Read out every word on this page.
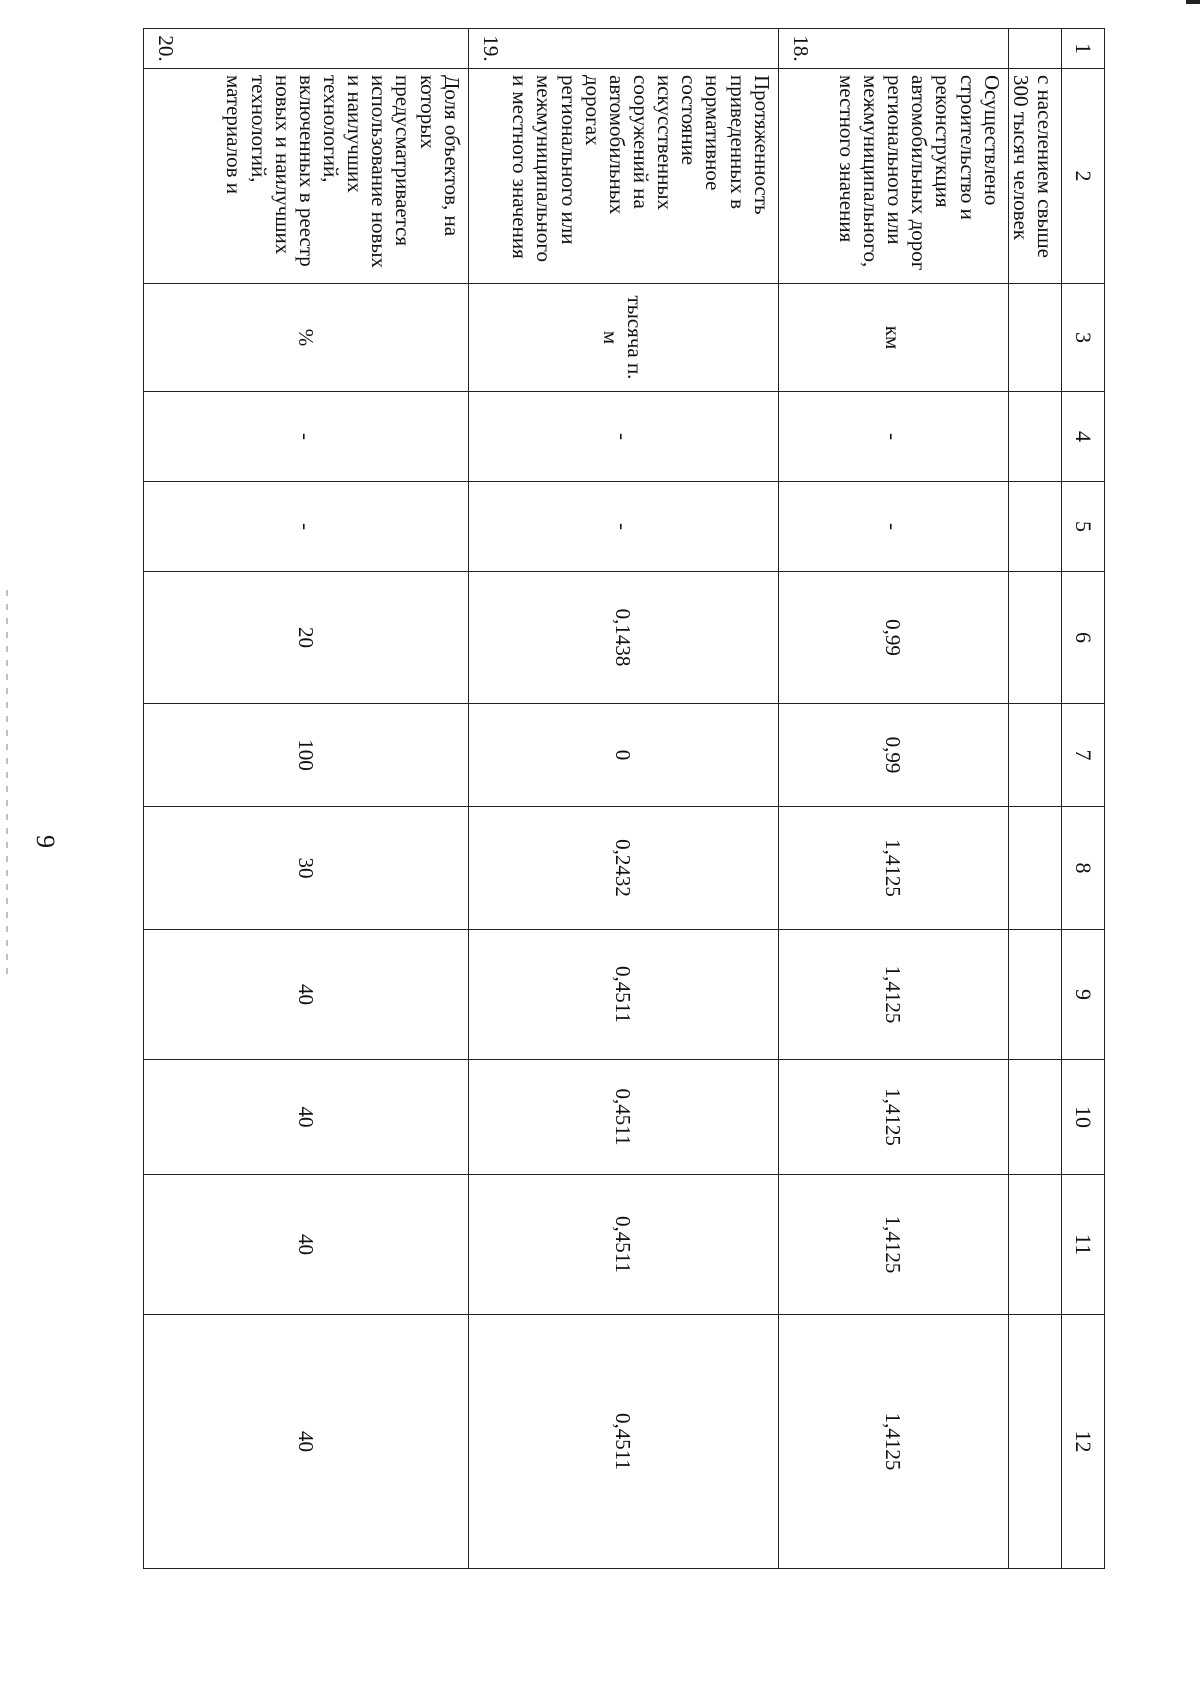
9
1	2	3	4	5	6	7	8	9	10	11	12
	с населением свыше 300 тысяч человек										
18.	Осуществлено строительство и реконструкция автомобильных дорог регионального или межмуниципального, местного значения	км	-	-	0,99	0,99	1,4125	1,4125	1,4125	1,4125	1,4125
19.	Протяженность приведенных в нормативное состояние искусственных сооружений на автомобильных дорогах регионального или межмуниципального и местного значения	тысяча п. м	-	-	0,1438	0	0,2432	0,4511	0,4511	0,4511	0,4511
20.	Доля объектов, на которых предусматривается использование новых и наилучших технологий, включенных в реестр новых и наилучших технологий, материалов и	%	-	-	20	100	30	40	40	40	40
